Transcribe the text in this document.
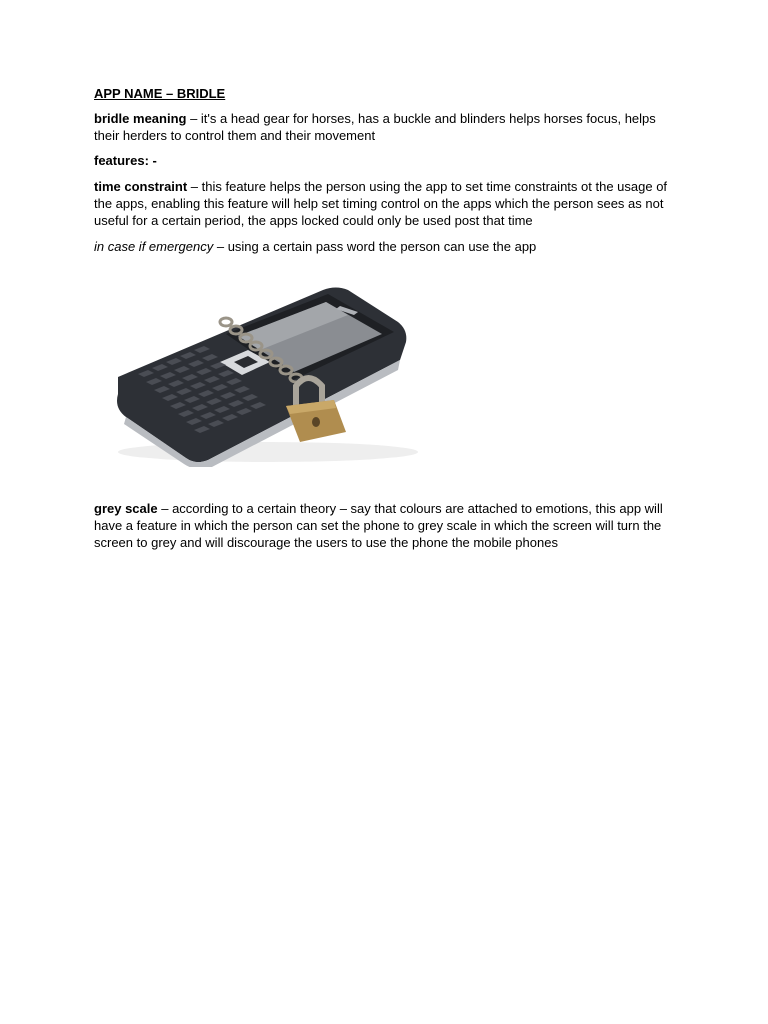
APP NAME – BRIDLE

bridle meaning – it's a head gear for horses, has a buckle and blinders helps horses focus, helps their herders to control them and their movement

features: -

time constraint – this feature helps the person using the app to set time constraints ot the usage of the apps, enabling this feature will help set timing control on the apps which the person sees as not useful for a certain period, the apps locked could only be used post that time

in case if emergency – using a certain pass word the person can use the app

grey scale – according to a certain theory – say that colours are attached to emotions, this app will have a feature in which the person can set the phone to grey scale in which the screen will turn the screen to grey and will discourage the users to use the phone the mobile phones
